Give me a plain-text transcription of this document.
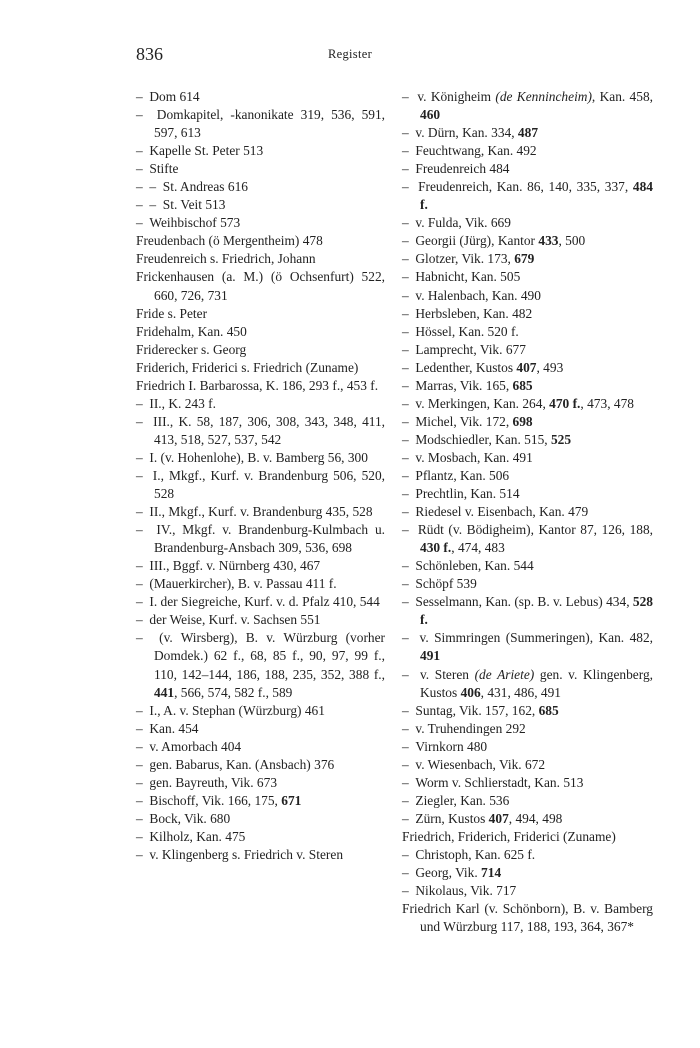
836	Register

–  Dom 614

–  Domkapitel, -kanonikate 319, 536, 591, 597, 613

–  Kapelle St. Peter 513

–  Stifte

–  –  St. Andreas 616

–  –  St. Veit 513

–  Weihbischof 573

Freudenbach (ö Mergentheim) 478

Freudenreich s. Friedrich, Johann

Frickenhausen (a. M.) (ö Ochsenfurt) 522, 660, 726, 731

Fride s. Peter

Fridehalm, Kan. 450

Friderecker s. Georg

Friderich, Friderici s. Friedrich (Zuname)

Friedrich I. Barbarossa, K. 186, 293 f., 453 f.

–  II., K. 243 f.

–  III., K. 58, 187, 306, 308, 343, 348, 411, 413, 518, 527, 537, 542

–  I. (v. Hohenlohe), B. v. Bamberg 56, 300

–  I., Mkgf., Kurf. v. Brandenburg 506, 520, 528

–  II., Mkgf., Kurf. v. Brandenburg 435, 528

–  IV., Mkgf. v. Brandenburg-Kulmbach u. Brandenburg-Ansbach 309, 536, 698

–  III., Bggf. v. Nürnberg 430, 467

–  (Mauerkircher), B. v. Passau 411 f.

–  I. der Siegreiche, Kurf. v. d. Pfalz 410, 544

–  der Weise, Kurf. v. Sachsen 551

–  (v. Wirsberg), B. v. Würzburg (vorher Domdek.) 62 f., 68, 85 f., 90, 97, 99 f., 110, 142–144, 186, 188, 235, 352, 388 f., 441, 566, 574, 582 f., 589

–  I., A. v. Stephan (Würzburg) 461

–  Kan. 454

–  v. Amorbach 404

–  gen. Babarus, Kan. (Ansbach) 376

–  gen. Bayreuth, Vik. 673

–  Bischoff, Vik. 166, 175, 671

–  Bock, Vik. 680

–  Kilholz, Kan. 475

–  v. Klingenberg s. Friedrich v. Steren

–  v. Königheim (de Kennincheim), Kan. 458, 460

–  v. Dürn, Kan. 334, 487

–  Feuchtwang, Kan. 492

–  Freudenreich 484

–  Freudenreich, Kan. 86, 140, 335, 337, 484 f.

–  v. Fulda, Vik. 669

–  Georgii (Jürg), Kantor 433, 500

–  Glotzer, Vik. 173, 679

–  Habnicht, Kan. 505

–  v. Halenbach, Kan. 490

–  Herbsleben, Kan. 482

–  Hössel, Kan. 520 f.

–  Lamprecht, Vik. 677

–  Ledenther, Kustos 407, 493

–  Marras, Vik. 165, 685

–  v. Merkingen, Kan. 264, 470 f., 473, 478

–  Michel, Vik. 172, 698

–  Modschiedler, Kan. 515, 525

–  v. Mosbach, Kan. 491

–  Pflantz, Kan. 506

–  Prechtlin, Kan. 514

–  Riedesel v. Eisenbach, Kan. 479

–  Rüdt (v. Bödigheim), Kantor 87, 126, 188, 430 f., 474, 483

–  Schönleben, Kan. 544

–  Schöpf 539

–  Sesselmann, Kan. (sp. B. v. Lebus) 434, 528 f.

–  v. Simmringen (Summeringen), Kan. 482, 491

–  v. Steren (de Ariete) gen. v. Klingenberg, Kustos 406, 431, 486, 491

–  Suntag, Vik. 157, 162, 685

–  v. Truhendingen 292

–  Virnkorn 480

–  v. Wiesenbach, Vik. 672

–  Worm v. Schlierstadt, Kan. 513

–  Ziegler, Kan. 536

–  Zürn, Kustos 407, 494, 498

Friedrich, Friderich, Friderici (Zuname)

–  Christoph, Kan. 625 f.

–  Georg, Vik. 714

–  Nikolaus, Vik. 717

Friedrich Karl (v. Schönborn), B. v. Bamberg und Würzburg 117, 188, 193, 364, 367*
